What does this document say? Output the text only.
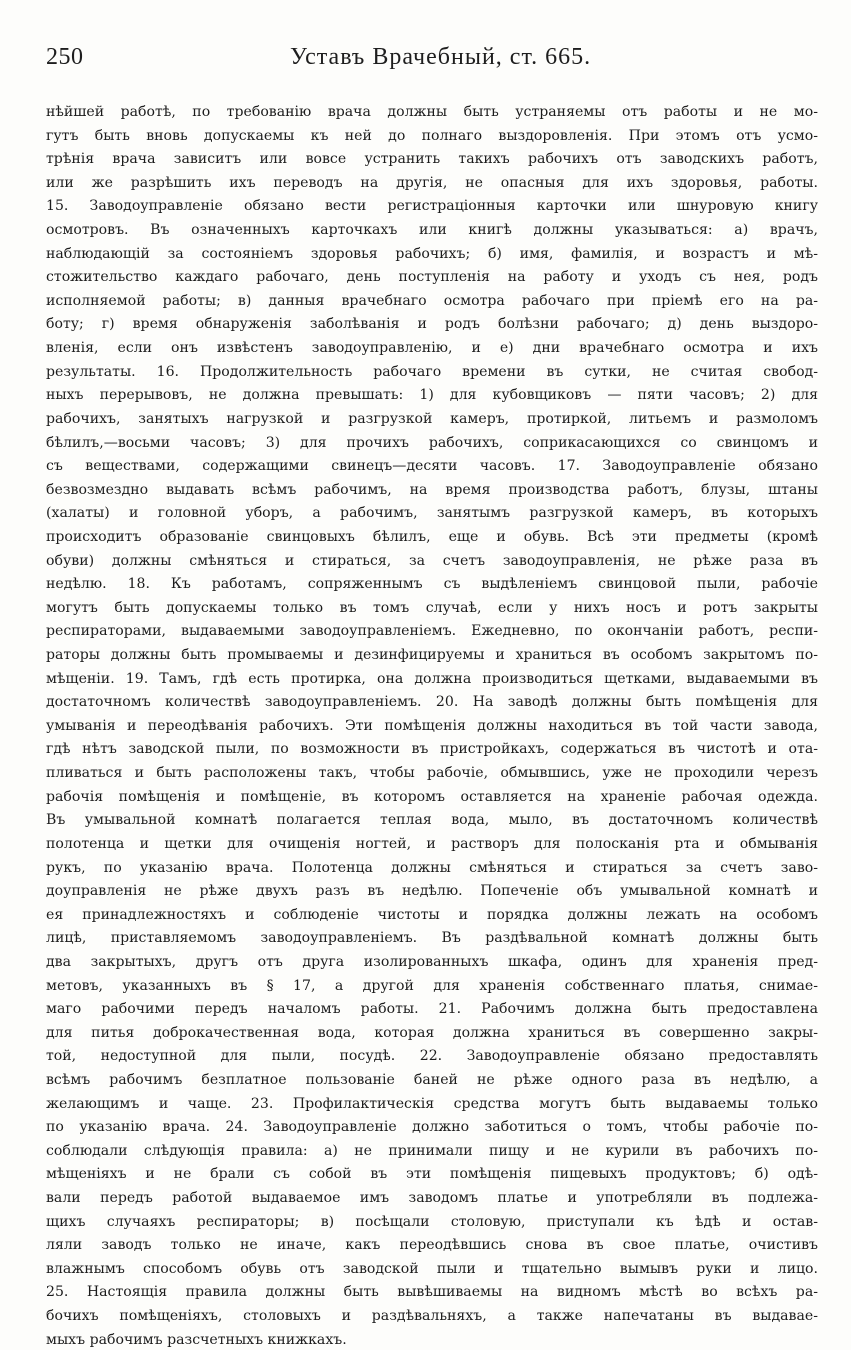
250	Уставъ Врачебный, ст. 665.
нѣйшей работѣ, по требованію врача должны быть устраняемы отъ работы и не мо-
гутъ быть вновь допускаемы къ ней до полнаго выздоровленія. При этомъ отъ усмо-
трѣнія врача зависитъ или вовсе устранить такихъ рабочихъ отъ заводскихъ работъ,
или же разрѣшить ихъ переводъ на другія, не опасныя для ихъ здоровья, работы.
15. Заводоуправленіе обязано вести регистраціонныя карточки или шнуровую книгу
осмотровъ. Въ означенныхъ карточкахъ или книгѣ должны указываться: а) врачъ,
наблюдающій за состояніемъ здоровья рабочихъ; б) имя, фамилія, и возрастъ и мѣ-
стожительство каждаго рабочаго, день поступленія на работу и уходъ съ нея, родъ
исполняемой работы; в) данныя врачебнаго осмотра рабочаго при пріемѣ его на ра-
боту; г) время обнаруженія заболѣванія и родъ болѣзни рабочаго; д) день выздоро-
вленія, если онъ извѣстенъ заводоуправленію, и е) дни врачебнаго осмотра и ихъ
результаты. 16. Продолжительность рабочаго времени въ сутки, не считая свобод-
ныхъ перерывовъ, не должна превышать: 1) для кубовщиковъ — пяти часовъ; 2) для
рабочихъ, занятыхъ нагрузкой и разгрузкой камеръ, протиркой, литьемъ и размоломъ
бѣлилъ,—восьми часовъ; 3) для прочихъ рабочихъ, соприкасающихся со свинцомъ и
съ веществами, содержащими свинецъ—десяти часовъ. 17. Заводоуправленіе обязано
безвозмездно выдавать всѣмъ рабочимъ, на время производства работъ, блузы, штаны
(халаты) и головной уборъ, а рабочимъ, занятымъ разгрузкой камеръ, въ которыхъ
происходитъ образованіе свинцовыхъ бѣлилъ, еще и обувь. Всѣ эти предметы (кромѣ
обуви) должны смѣняться и стираться, за счетъ заводоуправленія, не рѣже раза въ
недѣлю. 18. Къ работамъ, сопряженнымъ съ выдѣленіемъ свинцовой пыли, рабочіе
могутъ быть допускаемы только въ томъ случаѣ, если у нихъ носъ и ротъ закрыты
респираторами, выдаваемыми заводоуправленіемъ. Ежедневно, по окончаніи работъ, респи-
раторы должны быть промываемы и дезинфицируемы и храниться въ особомъ закрытомъ по-
мѣщеніи. 19. Тамъ, гдѣ есть протирка, она должна производиться щетками, выдаваемыми въ
достаточномъ количествѣ заводоуправленіемъ. 20. На заводѣ должны быть помѣщенія для
умыванія и переодѣванія рабочихъ. Эти помѣщенія должны находиться въ той части завода,
гдѣ нѣтъ заводской пыли, по возможности въ пристройкахъ, содержаться въ чистотѣ и ота-
пливаться и быть расположены такъ, чтобы рабочіе, обмывшись, уже не проходили черезъ
рабочія помѣщенія и помѣщеніе, въ которомъ оставляется на храненіе рабочая одежда.
Въ умывальной комнатѣ полагается теплая вода, мыло, въ достаточномъ количествѣ
полотенца и щетки для очищенія ногтей, и растворъ для полосканія рта и обмыванія
рукъ, по указанію врача. Полотенца должны смѣняться и стираться за счетъ заво-
доуправленія не рѣже двухъ разъ въ недѣлю. Попеченіе объ умывальной комнатѣ и
ея принадлежностяхъ и соблюденіе чистоты и порядка должны лежать на особомъ
лицѣ, приставляемомъ заводоуправленіемъ. Въ раздѣвальной комнатѣ должны быть
два закрытыхъ, другъ отъ друга изолированныхъ шкафа, одинъ для храненія пред-
метовъ, указанныхъ въ § 17, а другой для храненія собственнаго платья, снимае-
маго рабочими передъ началомъ работы. 21. Рабочимъ должна быть предоставлена
для питья доброкачественная вода, которая должна храниться въ совершенно закры-
той, недоступной для пыли, посудѣ. 22. Заводоуправленіе обязано предоставлять
всѣмъ рабочимъ безплатное пользованіе баней не рѣже одного раза въ недѣлю, а
желающимъ и чаще. 23. Профилактическія средства могутъ быть выдаваемы только
по указанію врача. 24. Заводоуправленіе должно заботиться о томъ, чтобы рабочіе по-
соблюдали слѣдующія правила: а) не принимали пищу и не курили въ рабочихъ по-
мѣщеніяхъ и не брали съ собой въ эти помѣщенія пищевыхъ продуктовъ; б) одѣ-
вали передъ работой выдаваемое имъ заводомъ платье и употребляли въ подлежа-
щихъ случаяхъ респираторы; в) посѣщали столовую, приступали къ ѣдѣ и остав-
ляли заводъ только не иначе, какъ переодѣвшись снова въ свое платье, очистивъ
влажнымъ способомъ обувь отъ заводской пыли и тщательно вымывъ руки и лицо.
25. Настоящія правила должны быть вывѣшиваемы на видномъ мѣстѣ во всѣхъ ра-
бочихъ помѣщеніяхъ, столовыхъ и раздѣвальняхъ, а также напечатаны въ выдавае-
мыхъ рабочимъ разсчетныхъ книжкахъ.
